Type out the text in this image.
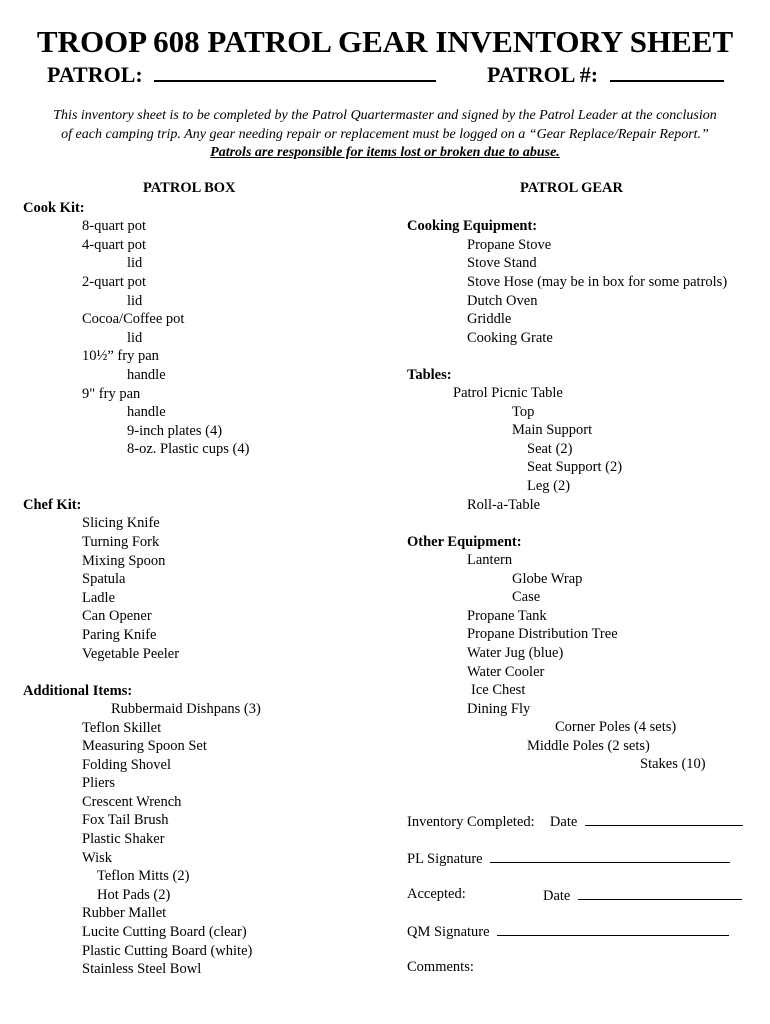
TROOP 608 PATROL GEAR INVENTORY SHEET
PATROL:	PATROL #:
This inventory sheet is to be completed by the Patrol Quartermaster and signed by the Patrol Leader at the conclusion
of each camping trip. Any gear needing repair or replacement must be logged on a “Gear Replace/Repair Report.”
Patrols are responsible for items lost or broken due to abuse.
PATROL BOX	PATROL GEAR
Cook Kit:
8-quart pot
4-quart pot
lid
2-quart pot
lid
Cocoa/Coffee pot
lid
10½” fry pan
handle
9" fry pan
handle
9-inch plates (4)
8-oz. Plastic cups (4)
Chef Kit:
Slicing Knife
Turning Fork
Mixing Spoon
Spatula
Ladle
Can Opener
Paring Knife
Vegetable Peeler
Additional Items:
Rubbermaid Dishpans (3)
Teflon Skillet
Measuring Spoon Set
Folding Shovel
Pliers
Crescent Wrench
Fox Tail Brush
Plastic Shaker
Wisk
Teflon Mitts (2)
Hot Pads (2)
Rubber Mallet
Lucite Cutting Board (clear)
Plastic Cutting Board (white)
Stainless Steel Bowl
Cooking Equipment:
Propane Stove
Stove Stand
Stove Hose (may be in box for some patrols)
Dutch Oven
Griddle
Cooking Grate
Tables:
Patrol Picnic Table
Top
Main Support
Seat (2)
Seat Support (2)
Leg (2)
Roll-a-Table
Other Equipment:
Lantern
Globe Wrap
Case
Propane Tank
Propane Distribution Tree
Water Jug (blue)
Water Cooler
Ice Chest
Dining Fly
Corner Poles (4 sets)
Middle Poles (2 sets)
Stakes (10)
Inventory Completed: Date
PL Signature
Accepted:	Date
QM Signature
Comments:
